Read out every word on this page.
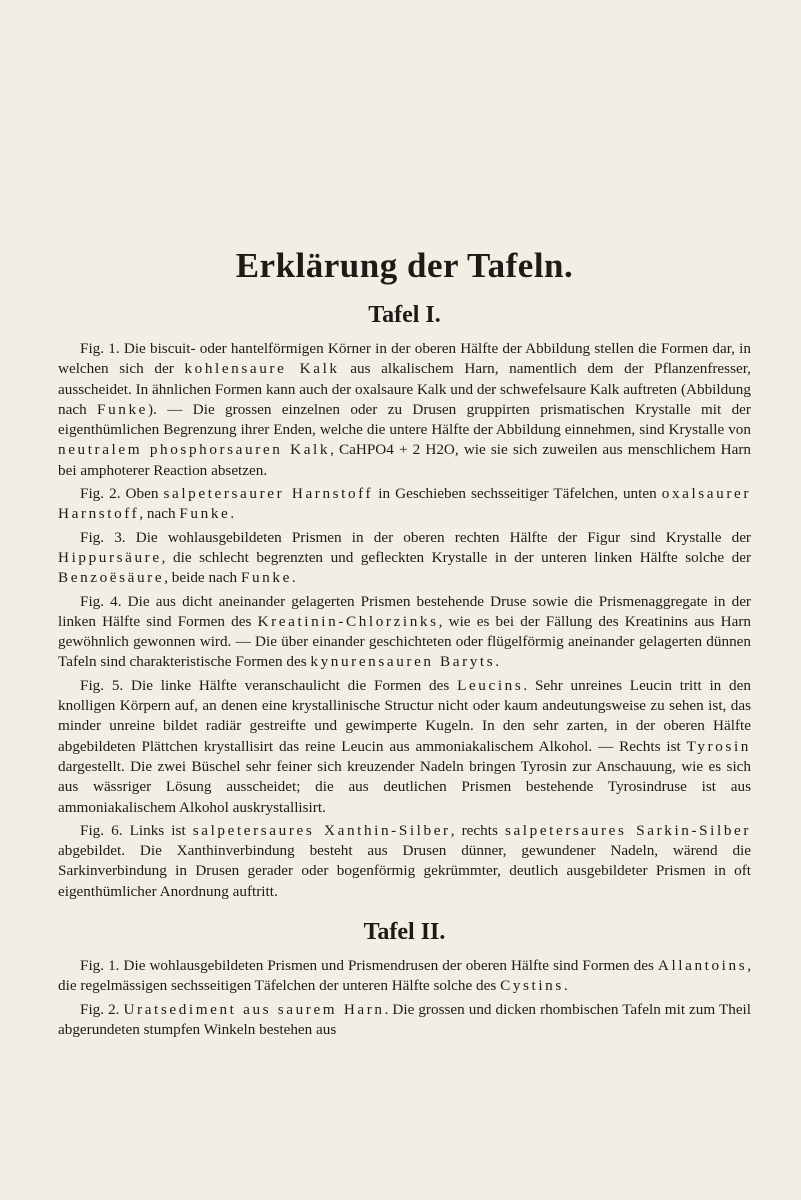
Erklärung der Tafeln.
Tafel I.

Fig. 1. Die biscuit- oder hantelförmigen Körner in der oberen Hälfte der Abbildung stellen die Formen dar, in welchen sich der kohlensaure Kalk aus alkalischem Harn, namentlich dem der Pflanzenfresser, ausscheidet. In ähnlichen Formen kann auch der oxalsaure Kalk und der schwefelsaure Kalk auftreten (Abbildung nach Funke). — Die grossen einzelnen oder zu Drusen gruppirten prismatischen Krystalle mit der eigenthümlichen Begrenzung ihrer Enden, welche die untere Hälfte der Abbildung einnehmen, sind Krystalle von neutralem phosphorsauren Kalk, CaHPO4 + 2 H2O, wie sie sich zuweilen aus menschlichem Harn bei amphoterer Reaction absetzen.

Fig. 2. Oben salpetersaurer Harnstoff in Geschieben sechsseitiger Täfelchen, unten oxalsaurer Harnstoff, nach Funke.

Fig. 3. Die wohlausgebildeten Prismen in der oberen rechten Hälfte der Figur sind Krystalle der Hippursäure, die schlecht begrenzten und gefleckten Krystalle in der unteren linken Hälfte solche der Benzoësäure, beide nach Funke.

Fig. 4. Die aus dicht aneinander gelagerten Prismen bestehende Druse sowie die Prismenaggregate in der linken Hälfte sind Formen des Kreatinin-Chlorzinks, wie es bei der Fällung des Kreatinins aus Harn gewöhnlich gewonnen wird. — Die über einander geschichteten oder flügelförmig aneinander gelagerten dünnen Tafeln sind charakteristische Formen des kynurensauren Baryts.

Fig. 5. Die linke Hälfte veranschaulicht die Formen des Leucins. Sehr unreines Leucin tritt in den knolligen Körpern auf, an denen eine krystallinische Structur nicht oder kaum andeutungsweise zu sehen ist, das minder unreine bildet radiär gestreifte und gewimperte Kugeln. In den sehr zarten, in der oberen Hälfte abgebildeten Plättchen krystallisirt das reine Leucin aus ammoniakalischem Alkohol. — Rechts ist Tyrosin dargestellt. Die zwei Büschel sehr feiner sich kreuzender Nadeln bringen Tyrosin zur Anschauung, wie es sich aus wässriger Lösung ausscheidet; die aus deutlichen Prismen bestehende Tyrosindruse ist aus ammoniakalischem Alkohol auskrystallisirt.

Fig. 6. Links ist salpetersaures Xanthin-Silber, rechts salpetersaures Sarkin-Silber abgebildet. Die Xanthinverbindung besteht aus Drusen dünner, gewundener Nadeln, wärend die Sarkinverbindung in Drusen gerader oder bogenförmig gekrümmter, deutlich ausgebildeter Prismen in oft eigenthümlicher Anordnung auftritt.

Tafel II.

Fig. 1. Die wohlausgebildeten Prismen und Prismendrusen der oberen Hälfte sind Formen des Allantoins, die regelmässigen sechsseitigen Täfelchen der unteren Hälfte solche des Cystins.

Fig. 2. Uratsediment aus saurem Harn. Die grossen und dicken rhombischen Tafeln mit zum Theil abgerundeten stumpfen Winkeln bestehen aus
